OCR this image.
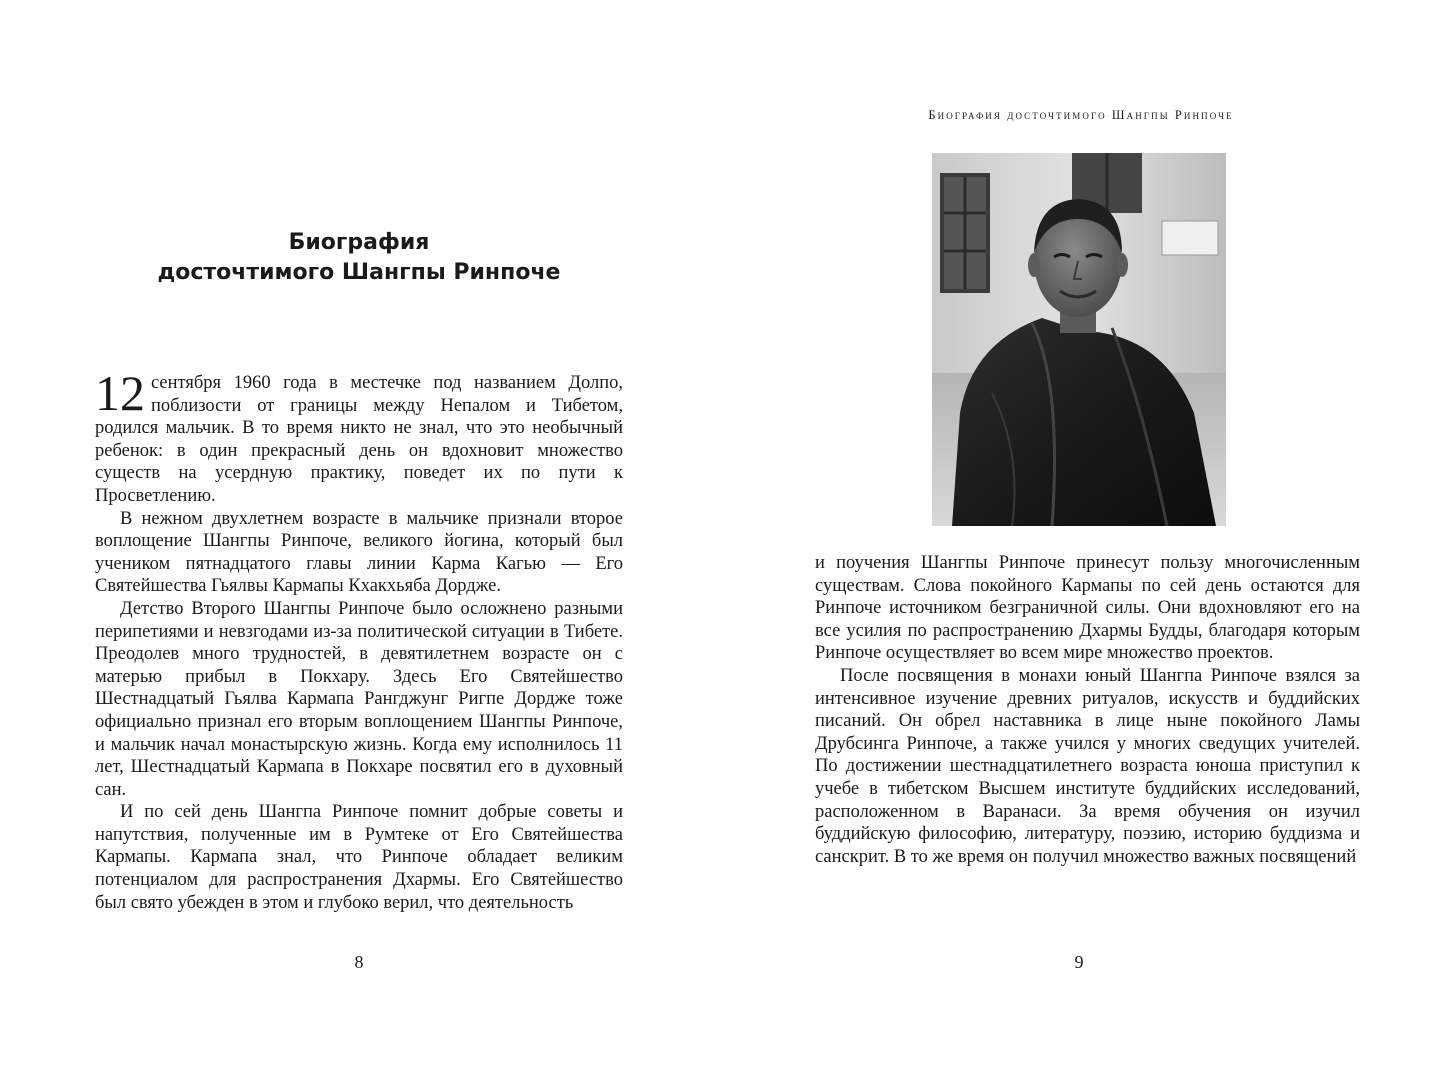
Биография
досточтимого Шангпы Ринпоче

12 сентября 1960 года в местечке под названием Долпо, поблизости от границы между Непалом и Тибетом, родился мальчик. В то время никто не знал, что это необычный ребенок: в один прекрасный день он вдохновит множество существ на усердную практику, поведет их по пути к Просветлению.

В нежном двухлетнем возрасте в мальчике признали второе воплощение Шангпы Ринпоче, великого йогина, который был учеником пятнадцатого главы линии Карма Кагью — Его Святейшества Гьялвы Кармапы Кхакхьяба Дордже.

Детство Второго Шангпы Ринпоче было осложнено разными перипетиями и невзгодами из-за политической ситуации в Тибете. Преодолев много трудностей, в девятилетнем возрасте он с матерью прибыл в Покхару. Здесь Его Святейшество Шестнадцатый Гьялва Кармапа Рангджунг Ригпе Дордже тоже официально признал его вторым воплощением Шангпы Ринпоче, и мальчик начал монастырскую жизнь. Когда ему исполнилось 11 лет, Шестнадцатый Кармапа в Покхаре посвятил его в духовный сан.

И по сей день Шангпа Ринпоче помнит добрые советы и напутствия, полученные им в Румтеке от Его Святейшества Кармапы. Кармапа знал, что Ринпоче обладает великим потенциалом для распространения Дхармы. Его Святейшество был свято убежден в этом и глубоко верил, что деятельность

8
Биография досточтимого Шангпы Ринпоче

и поучения Шангпы Ринпоче принесут пользу многочисленным существам. Слова покойного Кармапы по сей день остаются для Ринпоче источником безграничной силы. Они вдохновляют его на все усилия по распространению Дхармы Будды, благодаря которым Ринпоче осуществляет во всем мире множество проектов.

После посвящения в монахи юный Шангпа Ринпоче взялся за интенсивное изучение древних ритуалов, искусств и буддийских писаний. Он обрел наставника в лице ныне покойного Ламы Друбсинга Ринпоче, а также учился у многих сведущих учителей. По достижении шестнадцатилетнего возраста юноша приступил к учебе в тибетском Высшем институте буддийских исследований, расположенном в Варанаси. За время обучения он изучил буддийскую философию, литературу, поэзию, историю буддизма и санскрит. В то же время он получил множество важных посвящений

9
